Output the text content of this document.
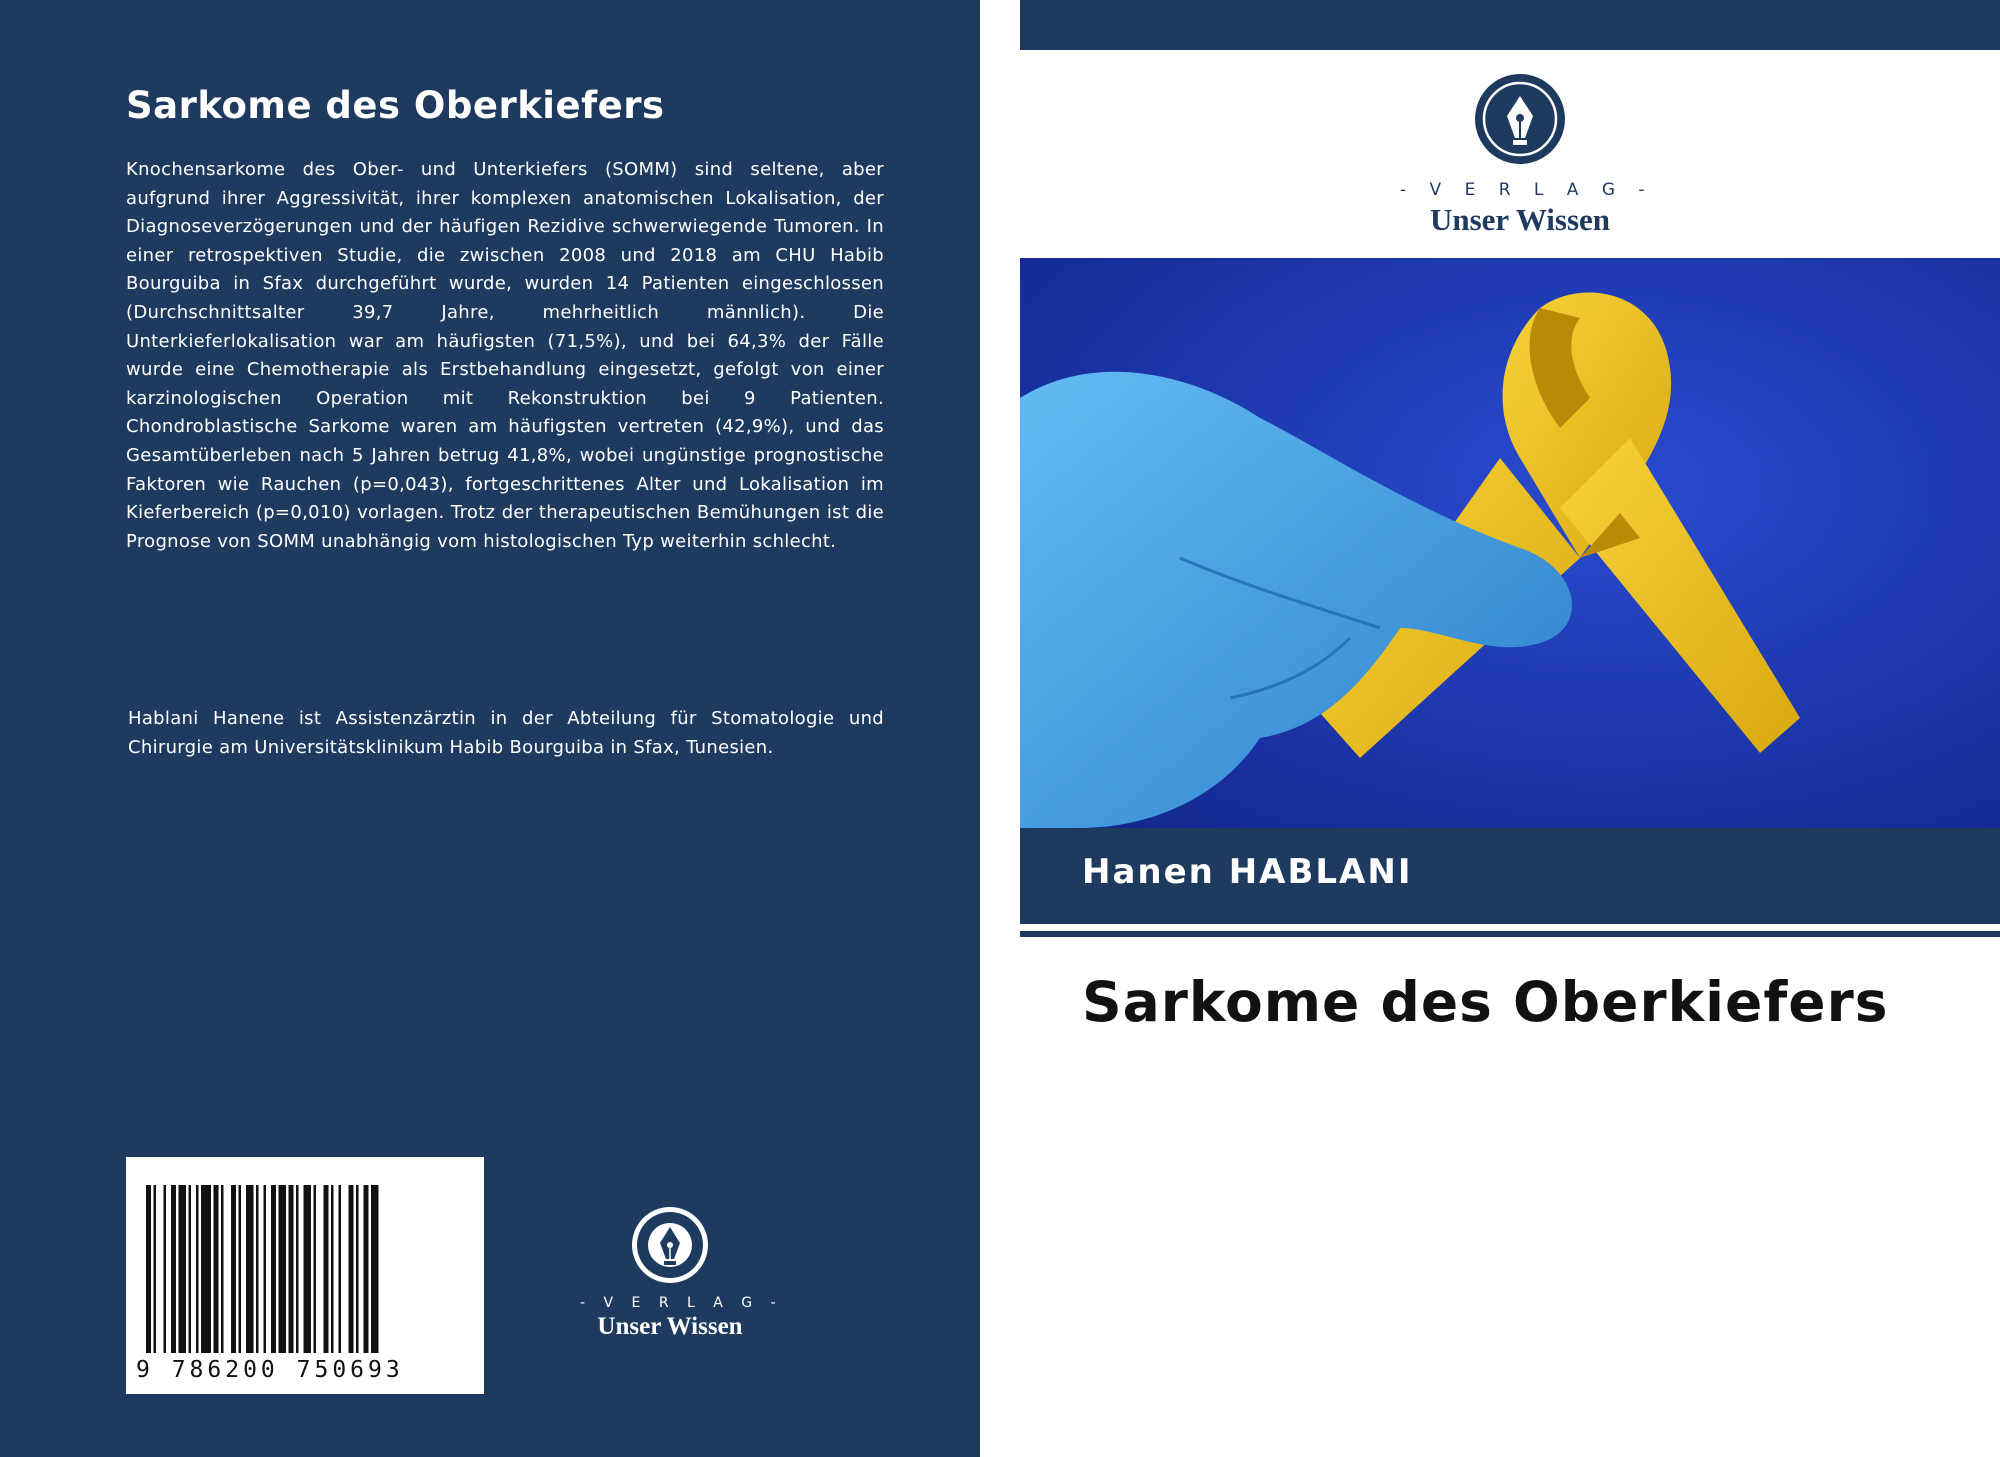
Sarkome des Oberkiefers

Knochensarkome des Ober- und Unterkiefers (SOMM) sind seltene, aber aufgrund ihrer Aggressivität, ihrer komplexen anatomischen Lokalisation, der Diagnoseverzögerungen und der häufigen Rezidive schwerwiegende Tumoren. In einer retrospektiven Studie, die zwischen 2008 und 2018 am CHU Habib Bourguiba in Sfax durchgeführt wurde, wurden 14 Patienten eingeschlossen (Durchschnittsalter 39,7 Jahre, mehrheitlich männlich). Die Unterkieferlokalisation war am häufigsten (71,5%), und bei 64,3% der Fälle wurde eine Chemotherapie als Erstbehandlung eingesetzt, gefolgt von einer karzinologischen Operation mit Rekonstruktion bei 9 Patienten. Chondroblastische Sarkome waren am häufigsten vertreten (42,9%), und das Gesamtüberleben nach 5 Jahren betrug 41,8%, wobei ungünstige prognostische Faktoren wie Rauchen (p=0,043), fortgeschrittenes Alter und Lokalisation im Kieferbereich (p=0,010) vorlagen. Trotz der therapeutischen Bemühungen ist die Prognose von SOMM unabhängig vom histologischen Typ weiterhin schlecht.

Hablani Hanene ist Assistenzärztin in der Abteilung für Stomatologie und Chirurgie am Universitätsklinikum Habib Bourguiba in Sfax, Tunesien.

9 786200 750693
- V E R L A G -
Unser Wissen
- V E R L A G -
Unser Wissen
Hanen HABLANI
Sarkome des Oberkiefers
